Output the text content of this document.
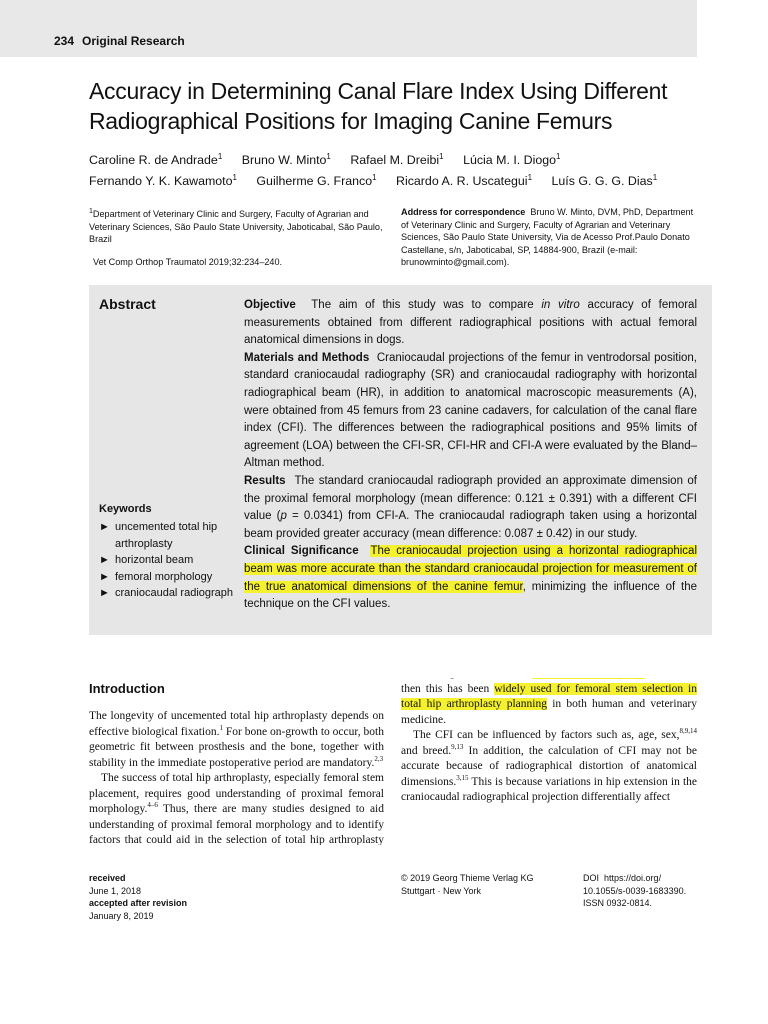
234 Original Research
Accuracy in Determining Canal Flare Index Using Different Radiographical Positions for Imaging Canine Femurs
Caroline R. de Andrade$^1$ Bruno W. Minto$^1$ Rafael M. Dreibi$^1$ Lúcia M. I. Diogo$^1$
Fernando Y. K. Kawamoto$^1$ Guilherme G. Franco$^1$ Ricardo A. R. Uscategui$^1$ Luís G. G. G. Dias$^1$
$^1$Department of Veterinary Clinic and Surgery, Faculty of Agrarian and Veterinary Sciences, São Paulo State University, Jaboticabal, São Paulo, Brazil
Vet Comp Orthop Traumatol 2019;32:234–240.
Address for correspondence Bruno W. Minto, DVM, PhD, Department of Veterinary Clinic and Surgery, Faculty of Agrarian and Veterinary Sciences, São Paulo State University, Via de Acesso Prof.Paulo Donato Castellane, s/n, Jaboticabal, SP, 14884-900, Brazil (e-mail: brunowminto@gmail.com).
Abstract
Keywords
► uncemented total hip arthroplasty
► horizontal beam
► femoral morphology
► craniocaudal radiograph

Objective The aim of this study was to compare in vitro accuracy of femoral measurements obtained from different radiographical positions with actual femoral anatomical dimensions in dogs.

Materials and Methods Craniocaudal projections of the femur in ventrodorsal position, standard craniocaudal radiography (SR) and craniocaudal radiography with horizontal radiographical beam (HR), in addition to anatomical macroscopic measurements (A), were obtained from 45 femurs from 23 canine cadavers, for calculation of the canal flare index (CFI). The differences between the radiographical positions and 95% limits of agreement (LOA) between the CFI-SR, CFI-HR and CFI-A were evaluated by the Bland–Altman method.

Results The standard craniocaudal radiograph provided an approximate dimension of the proximal femoral morphology (mean difference: 0.121 ± 0.391) with a different CFI value (p = 0.0341) from CFI-A. The craniocaudal radiograph taken using a horizontal beam provided greater accuracy (mean difference: 0.087 ± 0.42) in our study.

Clinical Significance The craniocaudal projection using a horizontal radiographical beam was more accurate than the standard craniocaudal projection for measurement of the true anatomical dimensions of the canine femur, minimizing the influence of the technique on the CFI values.

Introduction

The longevity of uncemented total hip arthroplasty depends on effective biological fixation.$^1$ For bone on-growth to occur, both geometric fit between prosthesis and the bone, together with stability in the immediate postoperative period are mandatory.$^{2,3}$

The success of total hip arthroplasty, especially femoral stem placement, requires good understanding of proximal femoral morphology.$^{4-6}$ Thus, there are many studies designed to aid understanding of proximal femoral morphology and to identify factors that could aid in the selection of total hip arthroplasty

received
June 1, 2018
accepted after revision
January 8, 2019
© 2019 Georg Thieme Verlag KG
Stuttgart · New York
DOI https://doi.org/
10.1055/s-0039-1683390.
ISSN 0932-0814.

then this has been widely used for femoral stem selection in total hip arthroplasty planning in both human and veterinary medicine.

The CFI can be influenced by factors such as, age, sex,$^{8,9,14}$ and breed.$^{9,13}$ In addition, the calculation of CFI may not be accurate because of radiographical distortion of anatomical dimensions.$^{3,15}$ This is because variations in hip extension in the craniocaudal radiographical projection differentially affect
